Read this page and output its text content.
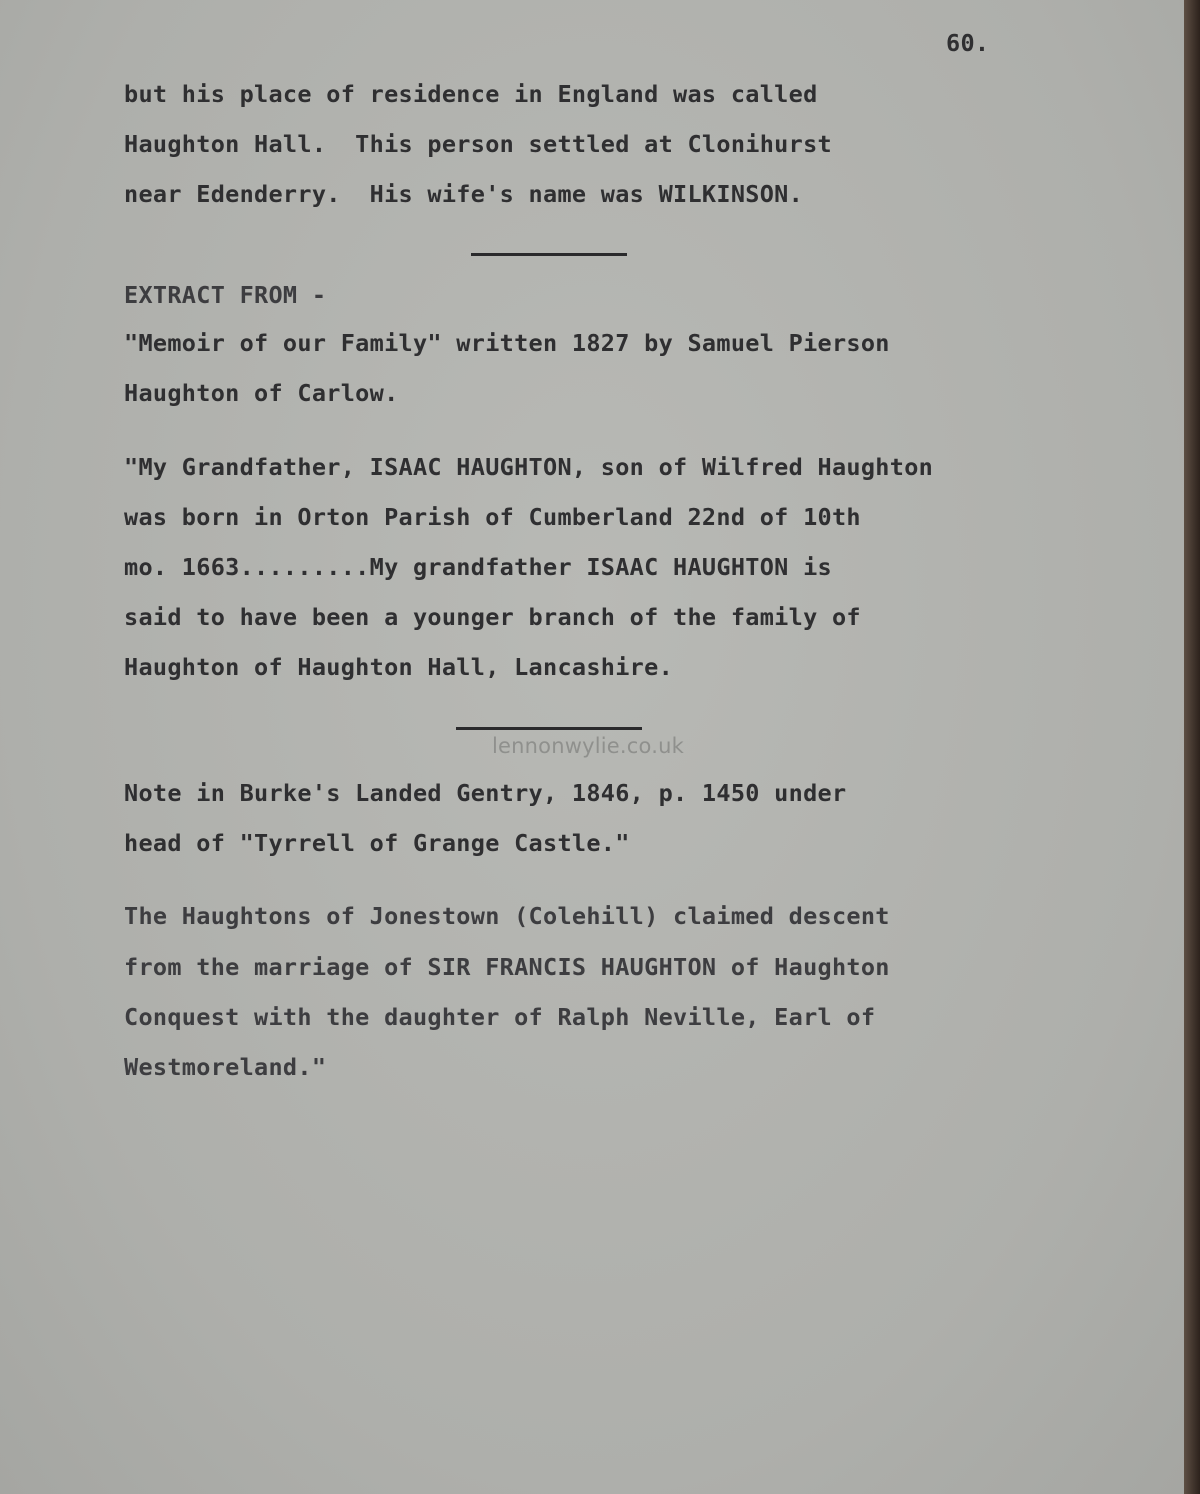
60.
but his place of residence in England was called
Haughton Hall.  This person settled at Clonihurst
near Edenderry.  His wife's name was WILKINSON.
EXTRACT FROM -
"Memoir of our Family" written 1827 by Samuel Pierson
Haughton of Carlow.
"My Grandfather, ISAAC HAUGHTON, son of Wilfred Haughton
was born in Orton Parish of Cumberland 22nd of 10th
mo. 1663.........My grandfather ISAAC HAUGHTON is
said to have been a younger branch of the family of
Haughton of Haughton Hall, Lancashire.
lennonwylie.co.uk
Note in Burke's Landed Gentry, 1846, p. 1450 under
head of "Tyrrell of Grange Castle."
The Haughtons of Jonestown (Colehill) claimed descent
from the marriage of SIR FRANCIS HAUGHTON of Haughton
Conquest with the daughter of Ralph Neville, Earl of
Westmoreland."
